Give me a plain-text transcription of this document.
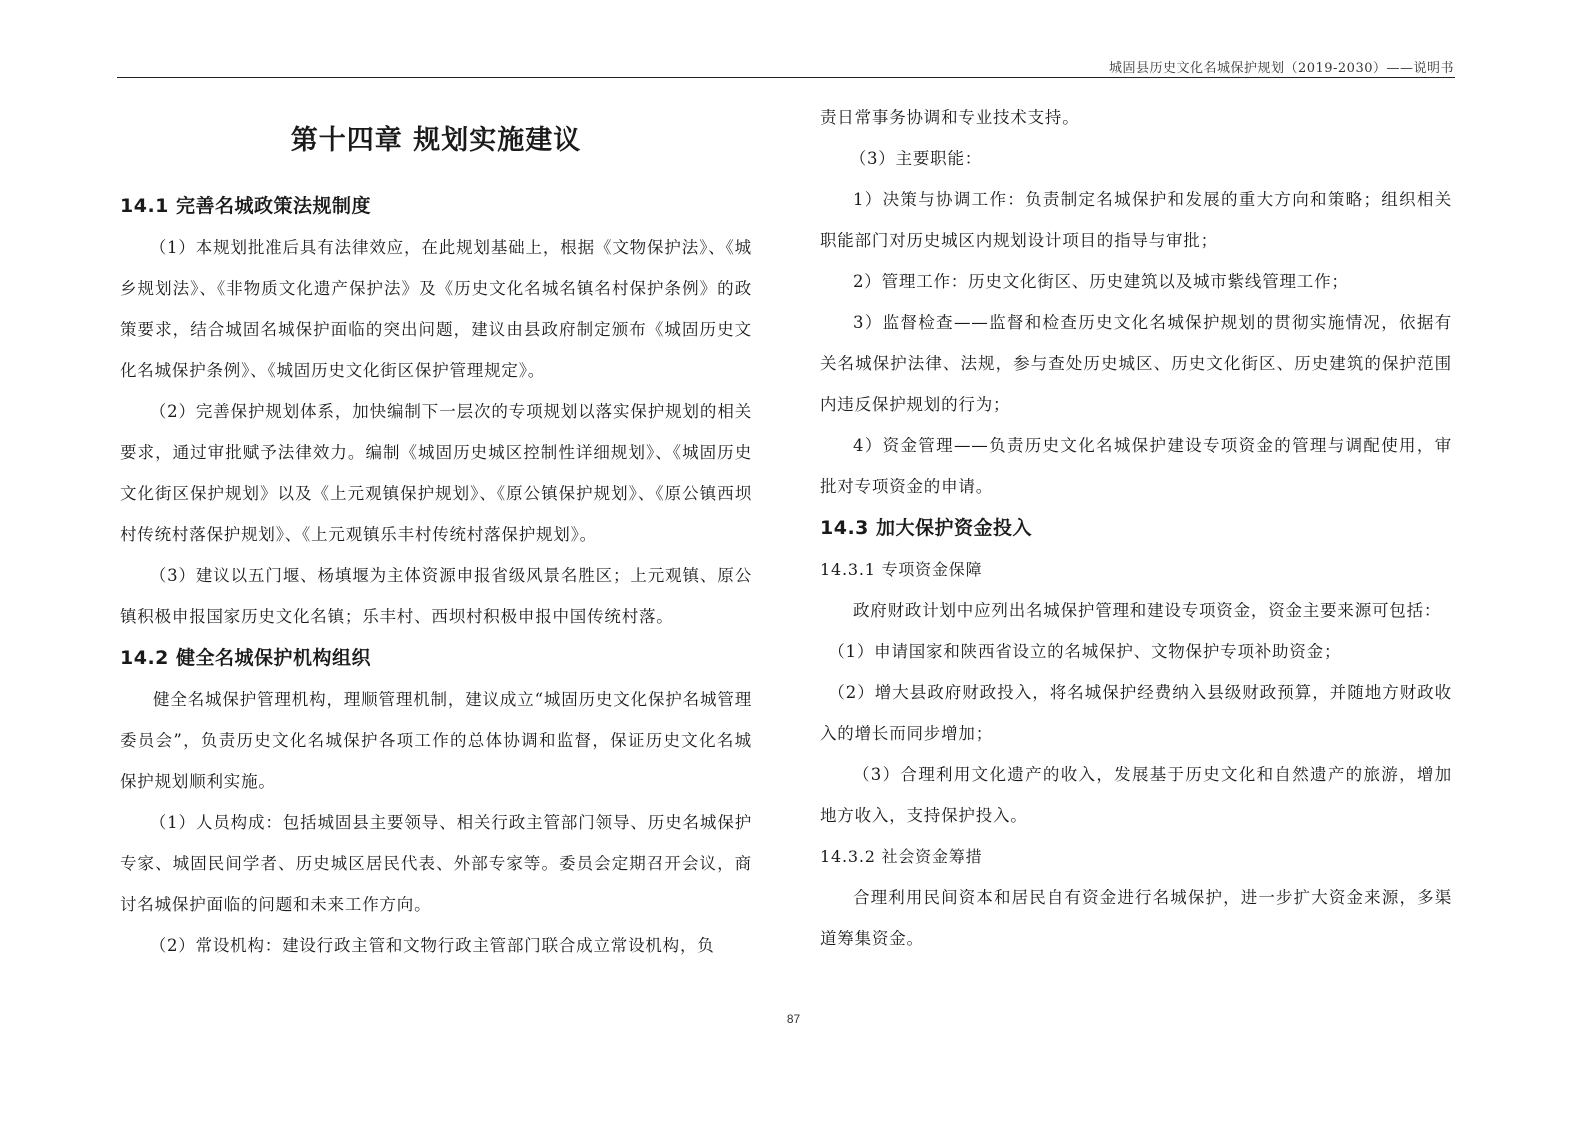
城固县历史文化名城保护规划（2019-2030）——说明书
第十四章 规划实施建议
14.1 完善名城政策法规制度

（1）本规划批准后具有法律效应，在此规划基础上，根据《文物保护法》、《城乡规划法》、《非物质文化遗产保护法》及《历史文化名城名镇名村保护条例》的政策要求，结合城固名城保护面临的突出问题，建议由县政府制定颁布《城固历史文化名城保护条例》、《城固历史文化街区保护管理规定》。

（2）完善保护规划体系，加快编制下一层次的专项规划以落实保护规划的相关要求，通过审批赋予法律效力。编制《城固历史城区控制性详细规划》、《城固历史文化街区保护规划》以及《上元观镇保护规划》、《原公镇保护规划》、《原公镇西坝村传统村落保护规划》、《上元观镇乐丰村传统村落保护规划》。

（3）建议以五门堰、杨填堰为主体资源申报省级风景名胜区；上元观镇、原公镇积极申报国家历史文化名镇；乐丰村、西坝村积极申报中国传统村落。

14.2 健全名城保护机构组织

健全名城保护管理机构，理顺管理机制，建议成立“城固历史文化保护名城管理委员会”，负责历史文化名城保护各项工作的总体协调和监督，保证历史文化名城保护规划顺利实施。

（1）人员构成：包括城固县主要领导、相关行政主管部门领导、历史名城保护专家、城固民间学者、历史城区居民代表、外部专家等。委员会定期召开会议，商讨名城保护面临的问题和未来工作方向。

（2）常设机构：建设行政主管和文物行政主管部门联合成立常设机构，负

责日常事务协调和专业技术支持。

（3）主要职能：

1）决策与协调工作：负责制定名城保护和发展的重大方向和策略；组织相关职能部门对历史城区内规划设计项目的指导与审批；

2）管理工作：历史文化街区、历史建筑以及城市紫线管理工作；

3）监督检查——监督和检查历史文化名城保护规划的贯彻实施情况，依据有关名城保护法律、法规，参与查处历史城区、历史文化街区、历史建筑的保护范围内违反保护规划的行为；

4）资金管理——负责历史文化名城保护建设专项资金的管理与调配使用，审批对专项资金的申请。

14.3 加大保护资金投入
14.3.1 专项资金保障

政府财政计划中应列出名城保护管理和建设专项资金，资金主要来源可包括：

（1）申请国家和陕西省设立的名城保护、文物保护专项补助资金；

（2）增大县政府财政投入，将名城保护经费纳入县级财政预算，并随地方财政收入的增长而同步增加；

（3）合理利用文化遗产的收入，发展基于历史文化和自然遗产的旅游，增加地方收入，支持保护投入。

14.3.2 社会资金筹措

合理利用民间资本和居民自有资金进行名城保护，进一步扩大资金来源，多渠道筹集资金。

87
